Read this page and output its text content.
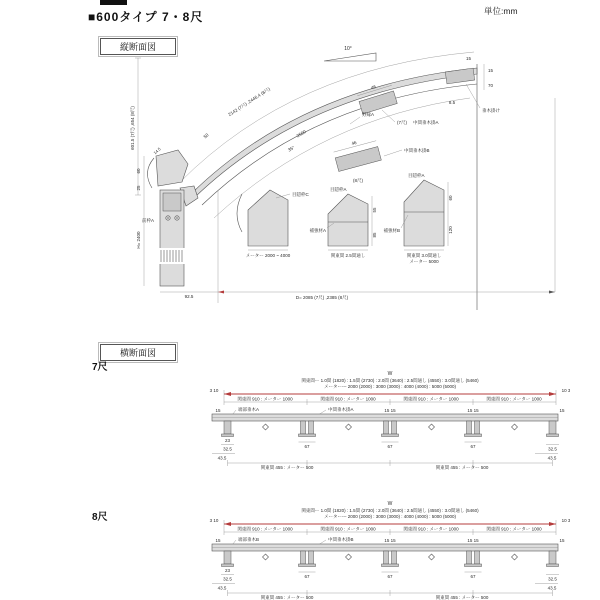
■600タイプ 7・8尺	単位:mm
縦断面図	10°
2142 (7尺) ,2446.4 (8尺)
2500
35°
601.5 (7尺) ,654 (8尺)	50
14.5
46
(7尺) 中間垂木掛A
野縁A
46
中間垂木掛B
(8尺)
垂木掛け
15
15
70
8.5
前枠A
60
25
H= 2400
92.5
目隠枠C
メーター 2000 ~ 4000
目隠枠A
補強材A
55
85
関東間 2.5間通し
目隠枠A
補強材B
60
120
関東間 3.0間通し
メーター 5000
D= 2085 (7尺) ,2385 (8尺)
横断面図
7尺
8尺
W
関東間ー 1.0間 (1820) : 1.5間 (2730) : 2.0間 (3640) : 2.5間通し (4550) : 3.0間通し (5460)
メーター--- 2000 (2000) : 3000 (3000) : 4000 (4000) : 5000 (5000)
3 10	10 3
関東間 910 : メーター 1000	関東間 910 : メーター 1000	関東間 910 : メーター 1000	関東間 910 : メーター 1000
端部垂木A	中間垂木掛A
15	15 15	15 15	15
67	67	67
23
32.5
43.5
32.5
43.5
関東間 455 : メーター 500	関東間 455 : メーター 500
W
関東間ー 1.0間 (1820) : 1.5間 (2730) : 2.0間 (3640) : 2.5間通し (4550) : 3.0間通し (5460)
メーター--- 2000 (2000) : 3000 (3000) : 4000 (4000) : 5000 (5000)
3 10	10 3
関東間 910 : メーター 1000	関東間 910 : メーター 1000	関東間 910 : メーター 1000	関東間 910 : メーター 1000
端部垂木B	中間垂木掛B
15	15 15	15 15	15
67	67	67
23
32.5
43.5
32.5
43.5
関東間 455 : メーター 500	関東間 455 : メーター 500
